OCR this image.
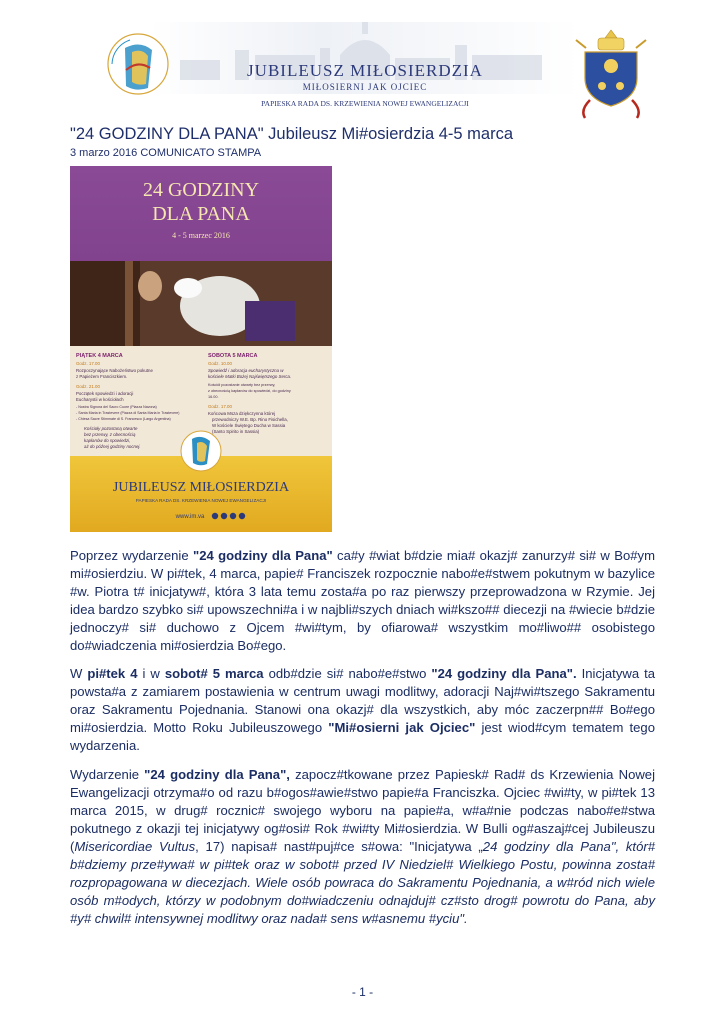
JUBILEUSZ MIŁOSIERDZIA
MIŁOSIERNI JAK OJCIEC
PAPIESKA RADA DS. KRZEWIENIA NOWEJ EWANGELIZACJI
"24 GODZINY DLA PANA" Jubileusz Mi#osierdzia 4-5 marca
3 marzo 2016 COMUNICATO STAMPA
24 GODZINY
DLA PANA
4 - 5 marzec 2016
PIĄTEK 4 MARCA
Godz. 17.00
Rozpoczynające Nabożeństwo pokutne
z Papieżem Franciszkiem.
Godz. 21.00
Początek spowiedzi i adoracji
Eucharystii w kościołach
- Nostra Signora del Sacro Cuore (Piazza Navona)
- Santa Maria in Trastevere (Piazza di Santa Maria in Trastevere)
- Chiesa Sacre Stimmate di S. Francesco (Largo Argentina)
Kościoły pozostaną otwarte
bez przerwy, z obecnością
kapłanów do spowiedzi,
aż do późnej godziny nocnej.
SOBOTA 5 MARCA
Godz. 10.00
Spowiedź i adoracja eucharystyczna w
kościele Matki Bożej Najświętszego Serca.
Kościół pozostanie otwarty bez przerwy,
z obecnością kapłanów do spowiedzi, do godziny
16.00.
Godz. 17.00
Końcowa Msza dziękczynna której
przewodniczy W.E. Bp. Rino Fisichella,
W kościele Świętego Ducha w Sassia
(Santo Spirito in Sassia)
JUBILEUSZ MIŁOSIERDZIA
PAPIESKA RADA DS. KRZEWIENIA NOWEJ EWANGELIZACJI
www.im.va

Poprzez wydarzenie "24 godziny dla Pana" ca#y #wiat b#dzie mia# okazj# zanurzy# si# w Bo#ym mi#osierdziu. W pi#tek, 4 marca, papie# Franciszek rozpocznie nabo#e#stwem pokutnym w bazylice #w. Piotra t# inicjatyw#, która 3 lata temu zosta#a po raz pierwszy przeprowadzona w Rzymie. Jej idea bardzo szybko si# upowszechni#a i w najbli#szych dniach wi#kszo## diecezji na #wiecie b#dzie jednoczy# si# duchowo z Ojcem #wi#tym, by ofiarowa# wszystkim mo#liwo## osobistego do#wiadczenia mi#osierdzia Bo#ego.

W pi#tek 4 i w sobot# 5 marca odb#dzie si# nabo#e#stwo "24 godziny dla Pana". Inicjatywa ta powsta#a z zamiarem postawienia w centrum uwagi modlitwy, adoracji Naj#wi#tszego Sakramentu oraz Sakramentu Pojednania. Stanowi ona okazj# dla wszystkich, aby móc zaczerpn## Bo#ego mi#osierdzia. Motto Roku Jubileuszowego "Mi#osierni jak Ojciec" jest wiod#cym tematem tego wydarzenia.

Wydarzenie "24 godziny dla Pana", zapocz#tkowane przez Papiesk# Rad# ds Krzewienia Nowej Ewangelizacji otrzyma#o od razu b#ogos#awie#stwo papie#a Franciszka. Ojciec #wi#ty, w pi#tek 13 marca 2015, w drug# rocznic# swojego wyboru na papie#a, w#a#nie podczas nabo#e#stwa pokutnego z okazji tej inicjatywy og#osi# Rok #wi#ty Mi#osierdzia. W Bulli og#aszaj#cej Jubileuszu (Misericordiae Vultus, 17) napisa# nast#puj#ce s#owa: "Inicjatywa „24 godziny dla Pana", któr# b#dziemy prze#ywa# w pi#tek oraz w sobot# przed IV Niedziel# Wielkiego Postu, powinna zosta# rozpropagowana w diecezjach. Wiele osób powraca do Sakramentu Pojednania, a w#ród nich wiele osób m#odych, którzy w podobnym do#wiadczeniu odnajduj# cz#sto drog# powrotu do Pana, aby #y# chwil# intensywnej modlitwy oraz nada# sens w#asnemu #yciu".

- 1 -
